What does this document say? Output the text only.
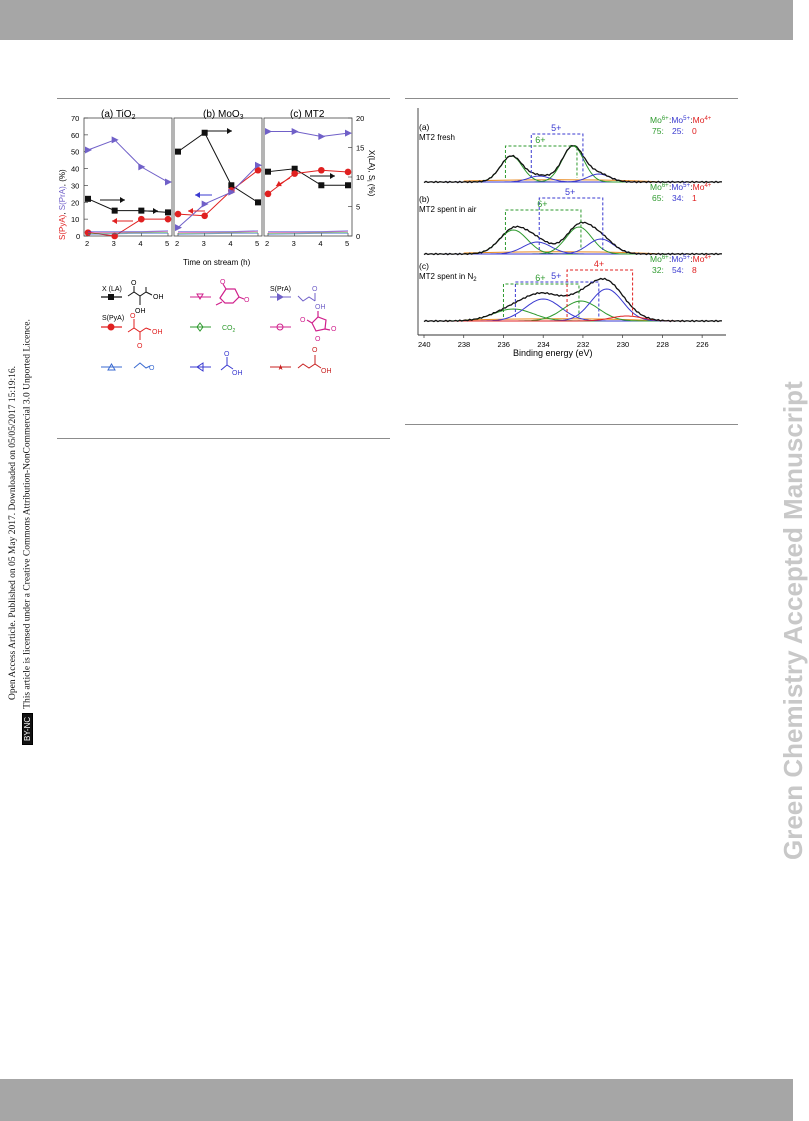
Open Access Article. Published on 05 May 2017. Downloaded on 05/05/2017 15:19:16.
BY-NCThis article is licensed under a Creative Commons Attribution-NonCommercial 3.0 Unported Licence.	Green Chemistry Accepted Manuscript
(a) TiO$_2$	(b) MoO$_3$	(c) MT2
S(PyA), S(PrA), (%)	X(LA), $S_i$ (%)
Time on stream (h)
2	3	4	5 2	3	4	5 2	3	4	5
0
10
20
30
40
50
60
70
0
5
10
15
20
X (LA)
OH
OH
O	O
O
S(PrA)
OH
O
S(PyA) O
OH
O
$CO_2$
O
O
O
O
O
OH
★
O
OH
240	238	236	234	232	230	228	226
(a)
MT2 fresh	6+
5+
$Mo^{6+}$ $:Mo^{5+}$ $:Mo^{4+}$
75: 25: 0
(b)
MT2 spent in air
6+
5+	$Mo^{6+}$ $:Mo^{5+}$ $:Mo^{4+}$
65: 34: 1
(c)
MT2 spent in $N_2$	6+ 5+
4+	$Mo^{6+}$ $:Mo^{5+}$ $:Mo^{4+}$
32: 54: 8
Binding energy (eV)
